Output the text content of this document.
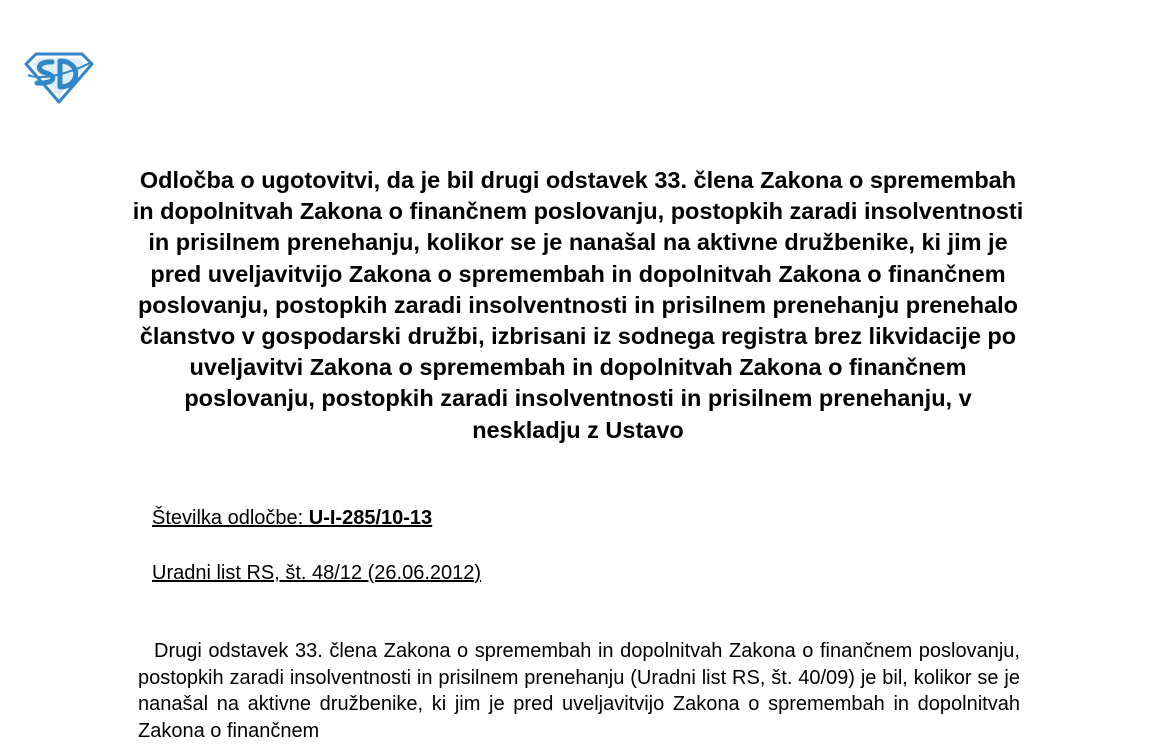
Odločba o ugotovitvi, da je bil drugi odstavek 33. člena Zakona o spremembah in dopolnitvah Zakona o finančnem poslovanju, postopkih zaradi insolventnosti in prisilnem prenehanju, kolikor se je nanašal na aktivne družbenike, ki jim je pred uveljavitvijo Zakona o spremembah in dopolnitvah Zakona o finančnem poslovanju, postopkih zaradi insolventnosti in prisilnem prenehanju prenehalo članstvo v gospodarski družbi, izbrisani iz sodnega registra brez likvidacije po uveljavitvi Zakona o spremembah in dopolnitvah Zakona o finančnem poslovanju, postopkih zaradi insolventnosti in prisilnem prenehanju, v neskladju z Ustavo
Številka odločbe: U-I-285/10-13
Uradni list RS, št. 48/12 (26.06.2012)

Drugi odstavek 33. člena Zakona o spremembah in dopolnitvah Zakona o finančnem poslovanju, postopkih zaradi insolventnosti in prisilnem prenehanju (Uradni list RS, št. 40/09) je bil, kolikor se je nanašal na aktivne družbenike, ki jim je pred uveljavitvijo Zakona o spremembah in dopolnitvah Zakona o finančnem
